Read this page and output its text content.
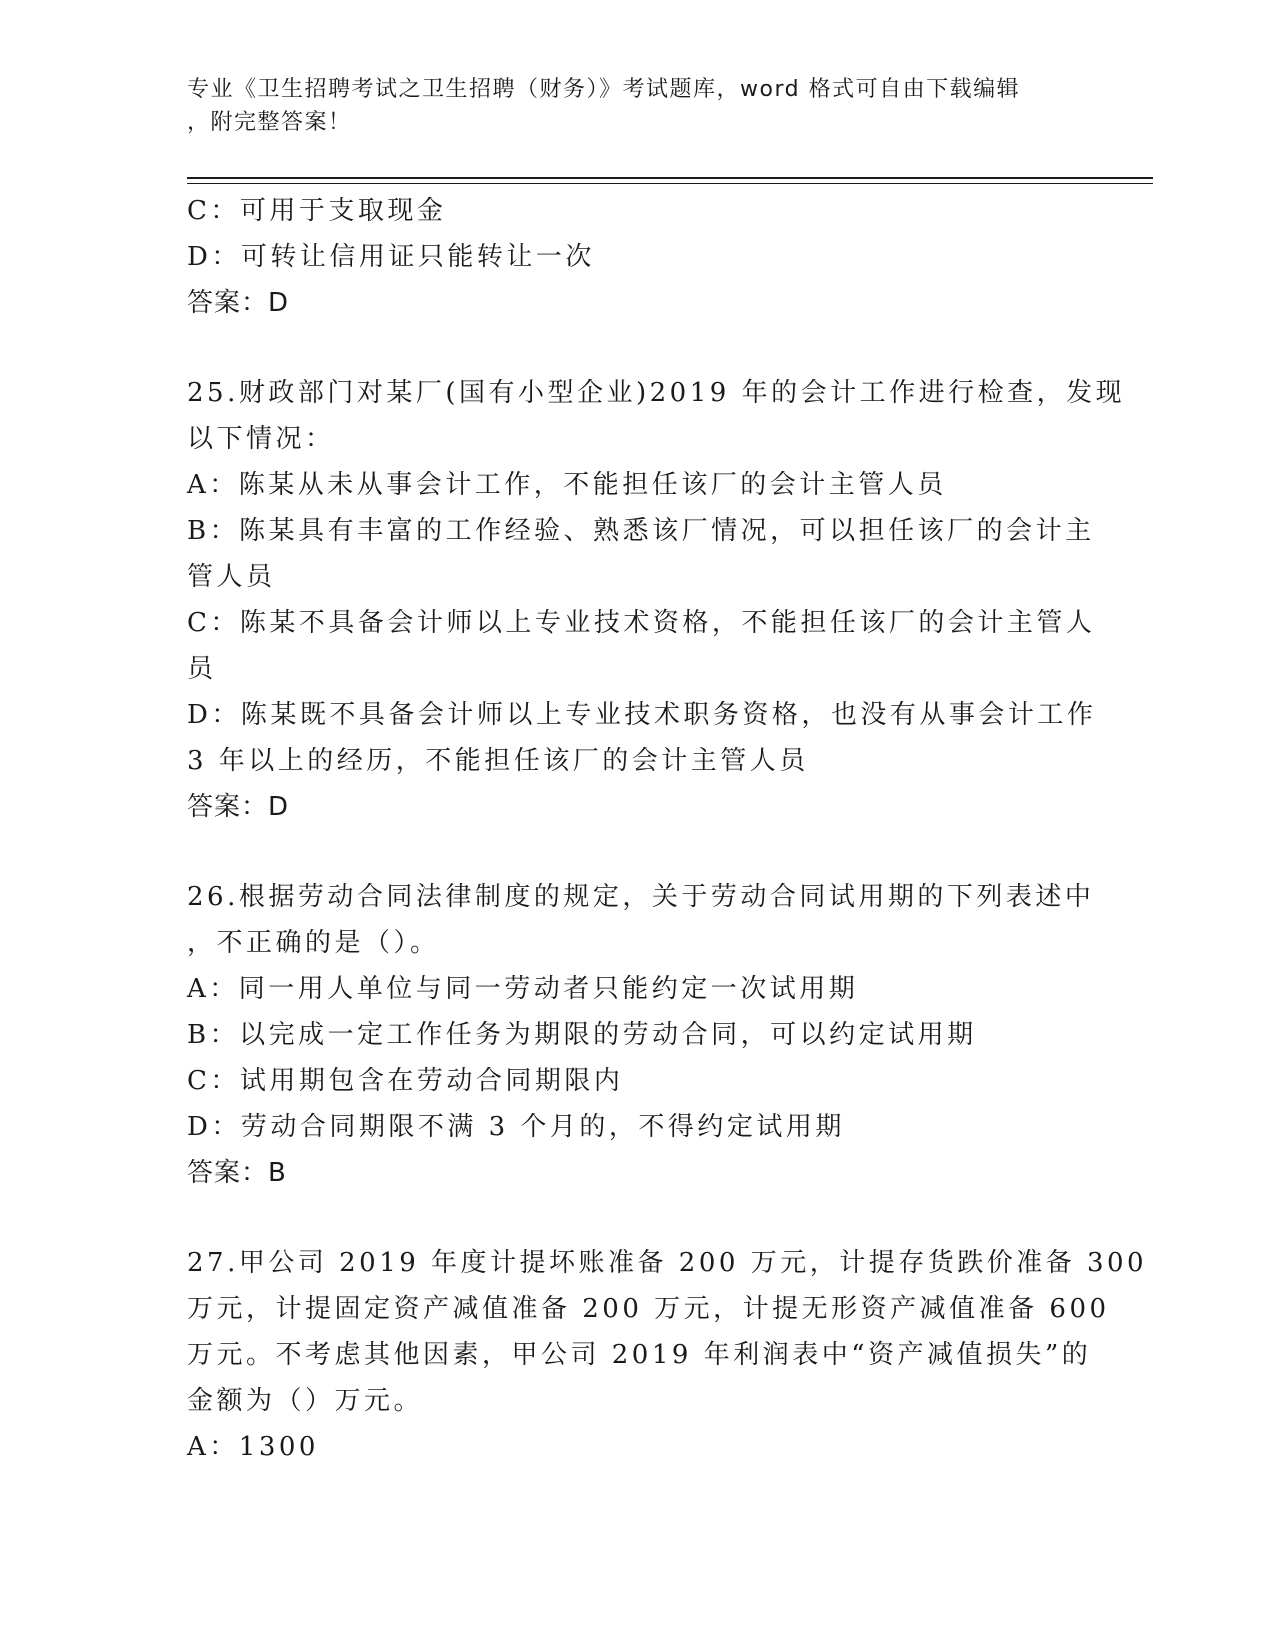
专业《卫生招聘考试之卫生招聘（财务）》考试题库，word 格式可自由下载编辑
，附完整答案！
C：可用于支取现金
D：可转让信用证只能转让一次
答案：D
25.财政部门对某厂(国有小型企业)2019 年的会计工作进行检查，发现
以下情况：
A：陈某从未从事会计工作，不能担任该厂的会计主管人员
B：陈某具有丰富的工作经验、熟悉该厂情况，可以担任该厂的会计主
管人员
C：陈某不具备会计师以上专业技术资格，不能担任该厂的会计主管人
员
D：陈某既不具备会计师以上专业技术职务资格，也没有从事会计工作
3 年以上的经历，不能担任该厂的会计主管人员
答案：D
26.根据劳动合同法律制度的规定，关于劳动合同试用期的下列表述中
，不正确的是（）。
A：同一用人单位与同一劳动者只能约定一次试用期
B：以完成一定工作任务为期限的劳动合同，可以约定试用期
C：试用期包含在劳动合同期限内
D：劳动合同期限不满 3 个月的，不得约定试用期
答案：B
27.甲公司 2019 年度计提坏账准备 200 万元，计提存货跌价准备 300
万元，计提固定资产减值准备 200 万元，计提无形资产减值准备 600
万元。不考虑其他因素，甲公司 2019 年利润表中“资产减值损失”的
金额为（）万元。
A：1300
